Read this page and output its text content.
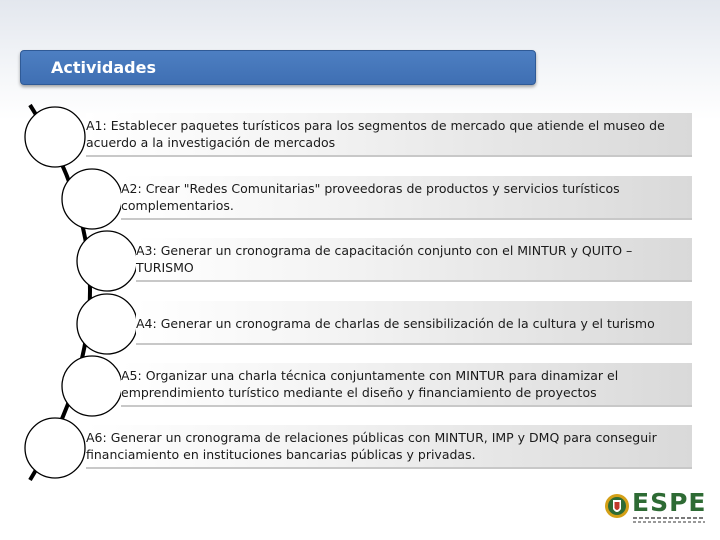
Actividades
A1: Establecer paquetes turísticos para los segmentos de mercado que atiende el museo de acuerdo a la investigación de mercados
A2: Crear "Redes Comunitarias" proveedoras de productos y servicios turísticos complementarios.
A3: Generar un cronograma de capacitación conjunto con el MINTUR y QUITO – TURISMO
A4: Generar un cronograma de charlas de sensibilización de la cultura y el turismo
A5: Organizar una charla técnica conjuntamente con MINTUR para dinamizar el emprendimiento turístico mediante el diseño y financiamiento de proyectos
A6: Generar un cronograma de relaciones públicas con MINTUR, IMP y DMQ para conseguir financiamiento en instituciones bancarias públicas y privadas.
ESPE
